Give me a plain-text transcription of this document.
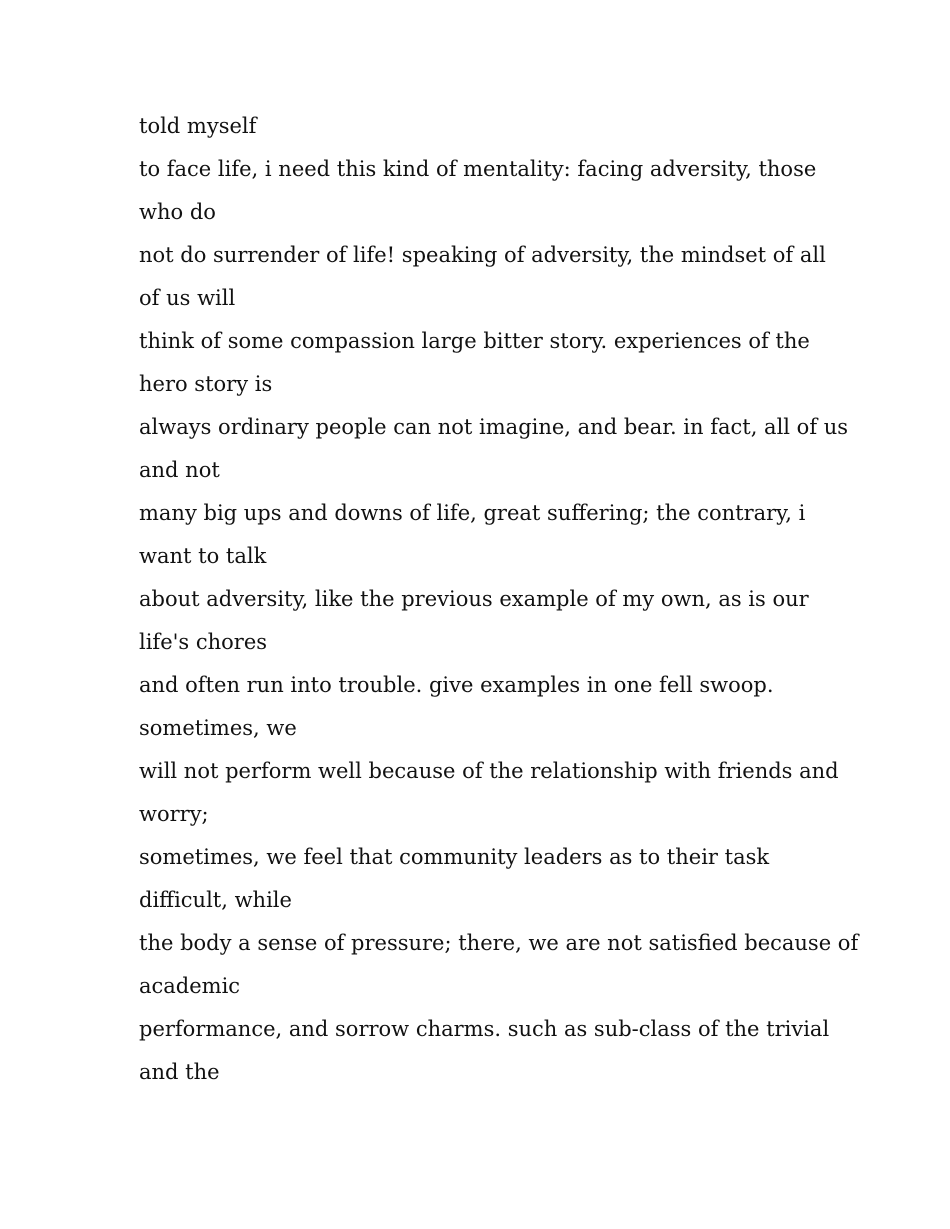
told myself
to face life, i need this kind of mentality: facing adversity, those
who do
not do surrender of life! speaking of adversity, the mindset of all
of us will
think of some compassion large bitter story. experiences of the
hero story is
always ordinary people can not imagine, and bear. in fact, all of us
and not
many big ups and downs of life, great suffering; the contrary, i
want to talk
about adversity, like the previous example of my own, as is our
life's chores
and often run into trouble. give examples in one fell swoop.
sometimes, we
will not perform well because of the relationship with friends and
worry;
sometimes, we feel that community leaders as to their task
difficult, while
the body a sense of pressure; there, we are not satisfied because of
academic
performance, and sorrow charms. such as sub-class of the trivial
and the
